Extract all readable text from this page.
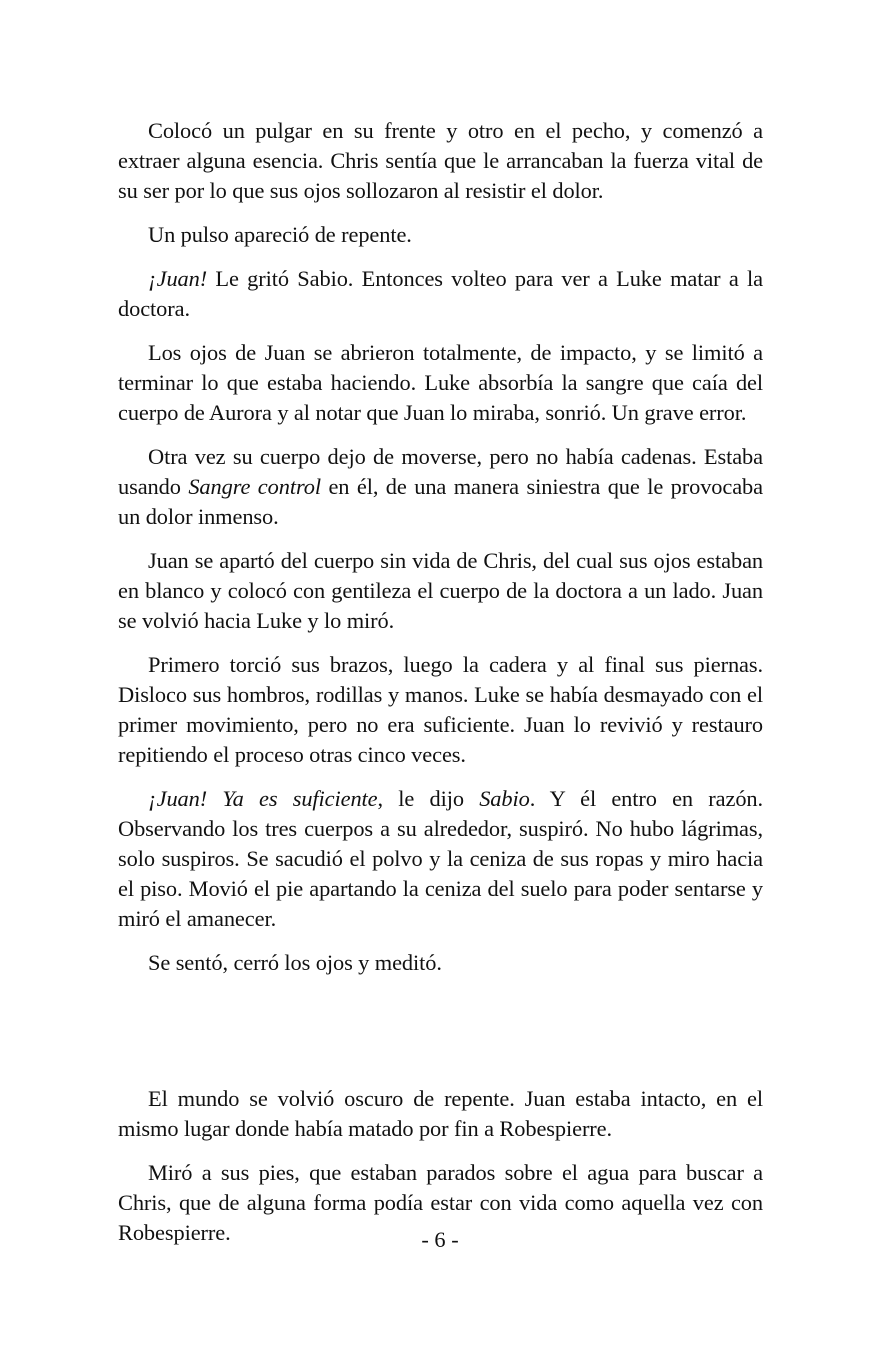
Colocó un pulgar en su frente y otro en el pecho, y comenzó a extraer alguna esencia. Chris sentía que le arrancaban la fuerza vital de su ser por lo que sus ojos sollozaron al resistir el dolor.

Un pulso apareció de repente.

¡Juan! Le gritó Sabio. Entonces volteo para ver a Luke matar a la doctora.

Los ojos de Juan se abrieron totalmente, de impacto, y se limitó a terminar lo que estaba haciendo. Luke absorbía la sangre que caía del cuerpo de Aurora y al notar que Juan lo miraba, sonrió. Un grave error.

Otra vez su cuerpo dejo de moverse, pero no había cadenas. Estaba usando Sangre control en él, de una manera siniestra que le provocaba un dolor inmenso.

Juan se apartó del cuerpo sin vida de Chris, del cual sus ojos estaban en blanco y colocó con gentileza el cuerpo de la doctora a un lado. Juan se volvió hacia Luke y lo miró.

Primero torció sus brazos, luego la cadera y al final sus piernas. Disloco sus hombros, rodillas y manos. Luke se había desmayado con el primer movimiento, pero no era suficiente. Juan lo revivió y restauro repitiendo el proceso otras cinco veces.

¡Juan! Ya es suficiente, le dijo Sabio. Y él entro en razón. Observando los tres cuerpos a su alrededor, suspiró. No hubo lágrimas, solo suspiros. Se sacudió el polvo y la ceniza de sus ropas y miro hacia el piso. Movió el pie apartando la ceniza del suelo para poder sentarse y miró el amanecer.

Se sentó, cerró los ojos y meditó.

El mundo se volvió oscuro de repente. Juan estaba intacto, en el mismo lugar donde había matado por fin a Robespierre.

Miró a sus pies, que estaban parados sobre el agua para buscar a Chris, que de alguna forma podía estar con vida como aquella vez con Robespierre.	- 6 -
